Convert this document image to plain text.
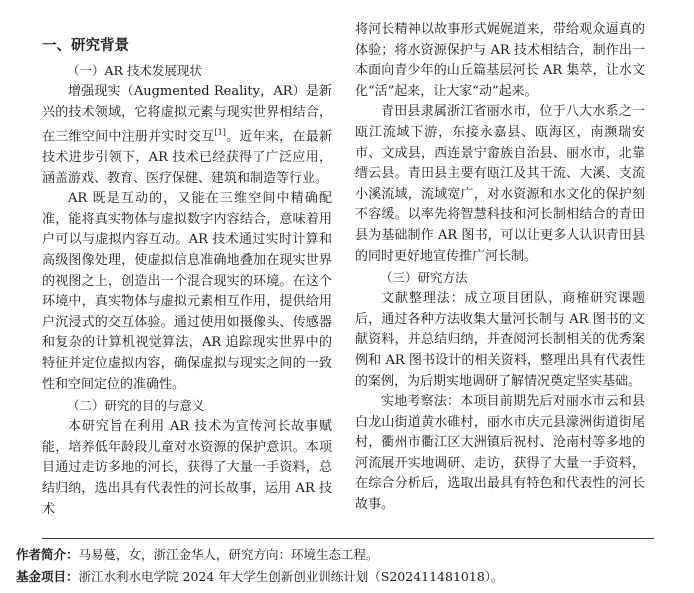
一、研究背景
（一）AR 技术发展现状

增强现实（Augmented Reality，AR）是新兴的技术领域，它将虚拟元素与现实世界相结合，在三维空间中注册并实时交互[1]。近年来，在最新技术进步引领下，AR 技术已经获得了广泛应用，涵盖游戏、教育、医疗保健、建筑和制造等行业。

AR 既是互动的，又能在三维空间中精确配准，能将真实物体与虚拟数字内容结合，意味着用户可以与虚拟内容互动。AR 技术通过实时计算和高级图像处理，使虚拟信息准确地叠加在现实世界的视图之上，创造出一个混合现实的环境。在这个环境中，真实物体与虚拟元素相互作用，提供给用户沉浸式的交互体验。通过使用如摄像头、传感器和复杂的计算机视觉算法，AR 追踪现实世界中的特征并定位虚拟内容，确保虚拟与现实之间的一致性和空间定位的准确性。

（二）研究的目的与意义

本研究旨在利用 AR 技术为宣传河长故事赋能，培养低年龄段儿童对水资源的保护意识。本项目通过走访多地的河长，获得了大量一手资料，总结归纳，选出具有代表性的河长故事，运用 AR 技术

将河长精神以故事形式娓娓道来，带给观众逼真的体验；将水资源保护与 AR 技术相结合，制作出一本面向青少年的山丘篇基层河长 AR 集萃，让水文化“活”起来，让大家“动”起来。

青田县隶属浙江省丽水市，位于八大水系之一瓯江流域下游，东接永嘉县、瓯海区，南濒瑞安市、文成县，西连景宁畲族自治县、丽水市，北靠缙云县。青田县主要有瓯江及其干流、大溪、支流小溪流域，流域宽广，对水资源和水文化的保护刻不容缓。以率先将智慧科技和河长制相结合的青田县为基础制作 AR 图书，可以让更多人认识青田县的同时更好地宣传推广河长制。

（三）研究方法

文献整理法：成立项目团队，商榷研究课题后，通过各种方法收集大量河长制与 AR 图书的文献资料，并总结归纳，并查阅河长制相关的优秀案例和 AR 图书设计的相关资料，整理出具有代表性的案例，为后期实地调研了解情况奠定坚实基础。

实地考察法：本项目前期先后对丽水市云和县白龙山街道黄水碓村，丽水市庆元县濛洲街道街尾村，衢州市衢江区大洲镇后祝村、沧南村等多地的河流展开实地调研、走访，获得了大量一手资料，在综合分析后，选取出最具有特色和代表性的河长故事。

作者简介：马易蔓，女，浙江金华人，研究方向：环境生态工程。
基金项目：浙江水利水电学院 2024 年大学生创新创业训练计划（S202411481018）。
